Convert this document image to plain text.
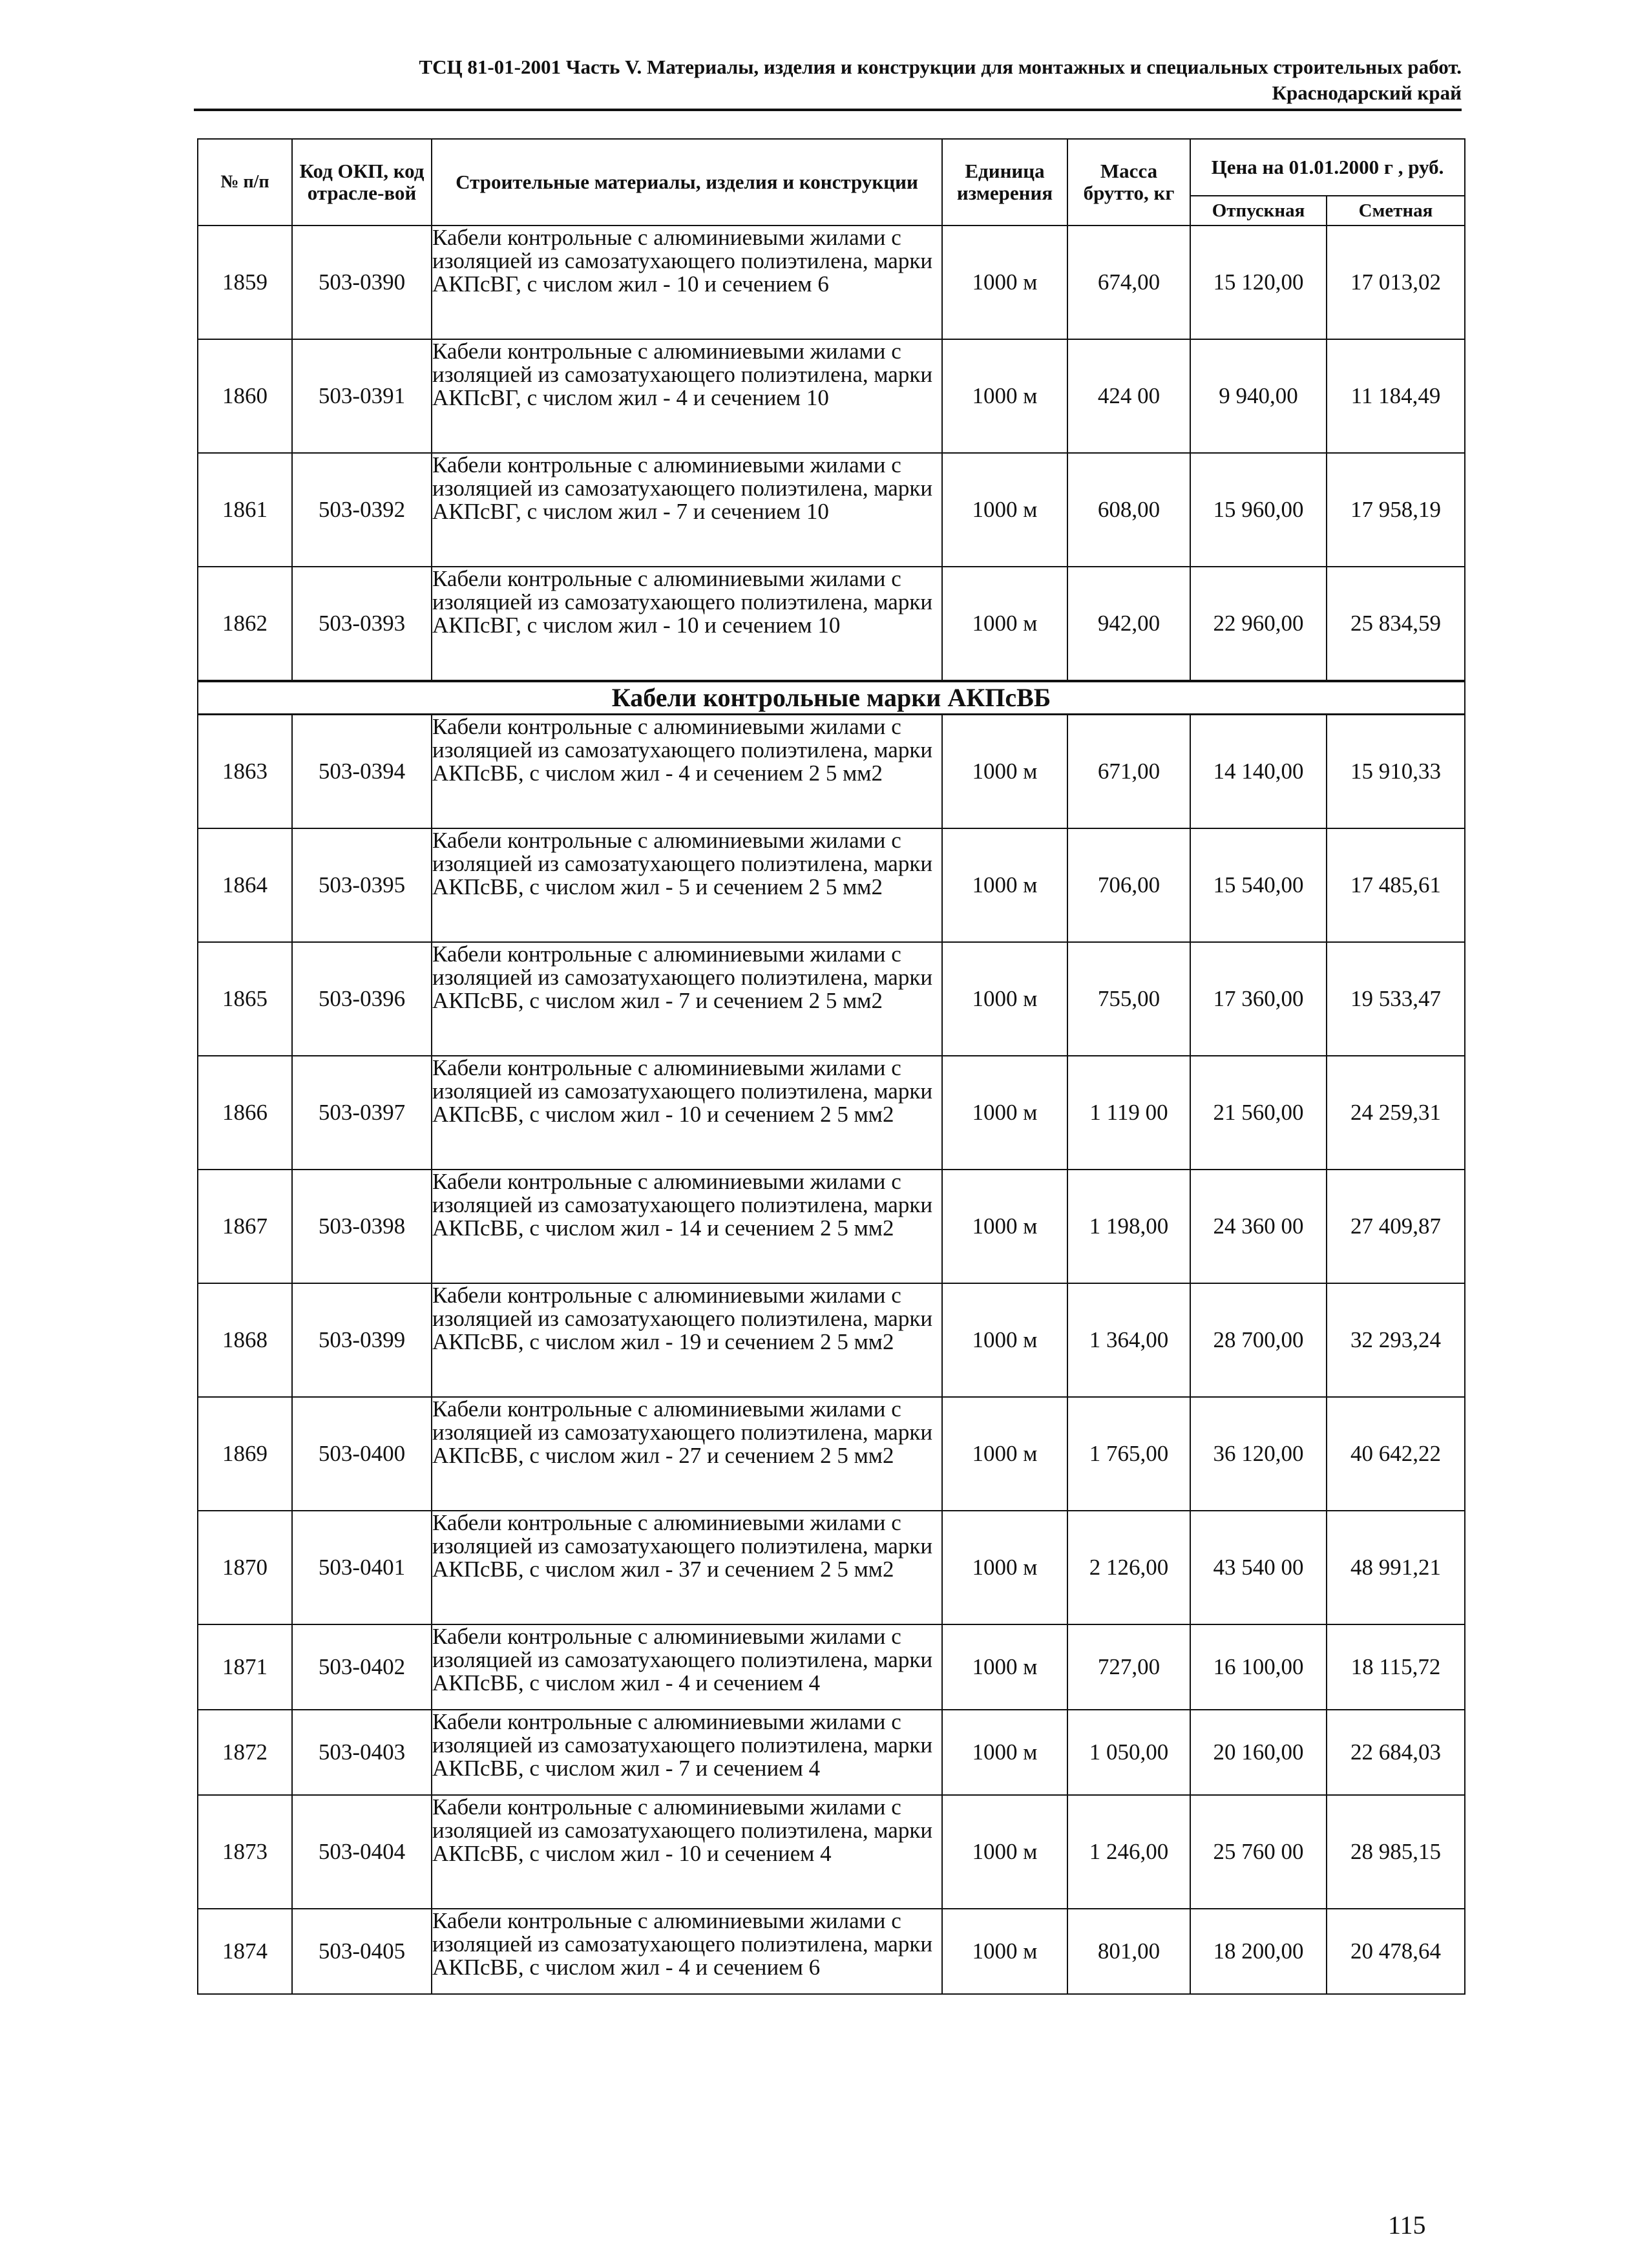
ТСЦ 81-01-2001 Часть V. Материалы, изделия и конструкции для монтажных и специальных строительных работ.
Краснодарский край
№ п/п	Код ОКП, код отрасле-вой	Строительные материалы, изделия и конструкции	Единица измерения	Масса брутто, кг	Цена на 01.01.2000 г , руб.	
					Отпускная	Сметная
1859	503-0390	Кабели контрольные с алюминиевыми жилами с изоляцией из самозатухающего полиэтилена, марки АКПсВГ, с числом жил - 10 и сечением 6	1000 м	674,00	15 120,00	17 013,02
1860	503-0391	Кабели контрольные с алюминиевыми жилами с изоляцией из самозатухающего полиэтилена, марки АКПсВГ, с числом жил - 4 и сечением 10	1000 м	424 00	9 940,00	11 184,49
1861	503-0392	Кабели контрольные с алюминиевыми жилами с изоляцией из самозатухающего полиэтилена, марки АКПсВГ, с числом жил - 7 и сечением 10	1000 м	608,00	15 960,00	17 958,19
1862	503-0393	Кабели контрольные с алюминиевыми жилами с изоляцией из самозатухающего полиэтилена, марки АКПсВГ, с числом жил - 10 и сечением 10	1000 м	942,00	22 960,00	25 834,59
Кабели контрольные марки АКПсВБ						
1863	503-0394	Кабели контрольные с алюминиевыми жилами с изоляцией из самозатухающего полиэтилена, марки АКПсВБ, с числом жил - 4 и сечением 2 5 мм2	1000 м	671,00	14 140,00	15 910,33
1864	503-0395	Кабели контрольные с алюминиевыми жилами с изоляцией из самозатухающего полиэтилена, марки АКПсВБ, с числом жил - 5 и сечением 2 5 мм2	1000 м	706,00	15 540,00	17 485,61
1865	503-0396	Кабели контрольные с алюминиевыми жилами с изоляцией из самозатухающего полиэтилена, марки АКПсВБ, с числом жил - 7 и сечением 2 5 мм2	1000 м	755,00	17 360,00	19 533,47
1866	503-0397	Кабели контрольные с алюминиевыми жилами с изоляцией из самозатухающего полиэтилена, марки АКПсВБ, с числом жил - 10 и сечением 2 5 мм2	1000 м	1 119 00	21 560,00	24 259,31
1867	503-0398	Кабели контрольные с алюминиевыми жилами с изоляцией из самозатухающего полиэтилена, марки АКПсВБ, с числом жил - 14 и сечением 2 5 мм2	1000 м	1 198,00	24 360 00	27 409,87
1868	503-0399	Кабели контрольные с алюминиевыми жилами с изоляцией из самозатухающего полиэтилена, марки АКПсВБ, с числом жил - 19 и сечением 2 5 мм2	1000 м	1 364,00	28 700,00	32 293,24
1869	503-0400	Кабели контрольные с алюминиевыми жилами с изоляцией из самозатухающего полиэтилена, марки АКПсВБ, с числом жил - 27 и сечением 2 5 мм2	1000 м	1 765,00	36 120,00	40 642,22
1870	503-0401	Кабели контрольные с алюминиевыми жилами с изоляцией из самозатухающего полиэтилена, марки АКПсВБ, с числом жил - 37 и сечением 2 5 мм2	1000 м	2 126,00	43 540 00	48 991,21
1871	503-0402	Кабели контрольные с алюминиевыми жилами с изоляцией из самозатухающего полиэтилена, марки АКПсВБ, с числом жил - 4 и сечением 4	1000 м	727,00	16 100,00	18 115,72
1872	503-0403	Кабели контрольные с алюминиевыми жилами с изоляцией из самозатухающего полиэтилена, марки АКПсВБ, с числом жил - 7 и сечением 4	1000 м	1 050,00	20 160,00	22 684,03
1873	503-0404	Кабели контрольные с алюминиевыми жилами с изоляцией из самозатухающего полиэтилена, марки АКПсВБ, с числом жил - 10 и сечением 4	1000 м	1 246,00	25 760 00	28 985,15
1874	503-0405	Кабели контрольные с алюминиевыми жилами с изоляцией из самозатухающего полиэтилена, марки АКПсВБ, с числом жил - 4 и сечением 6	1000 м	801,00	18 200,00	20 478,64
115
